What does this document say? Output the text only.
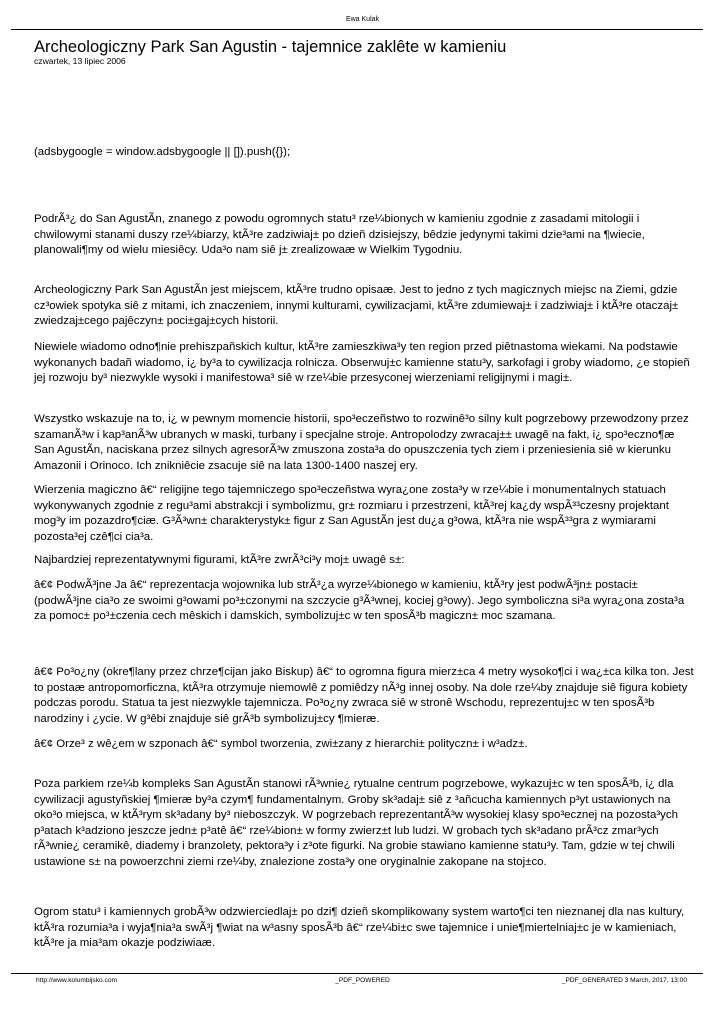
Ewa Kulak
Archeologiczny Park San Agustin - tajemnice zaklête w kamieniu
czwartek, 13 lipiec 2006

(adsbygoogle = window.adsbygoogle || []).push({});

PodrÃ³¿ do San AgustÃn, znanego z powodu ogromnych statu³ rze¼bionych w kamieniu zgodnie z zasadami mitologii i chwilowymi stanami duszy rze¼biarzy, ktÃ³re zadziwiaj± po dzieñ dzisiejszy, bêdzie jedynymi takimi dzie³ami na ¶wiecie, planowali¶my od wielu miesiêcy. Uda³o nam siê j± zrealizowaæ w Wielkim Tygodniu.

Archeologiczny Park San AgustÃn jest miejscem, ktÃ³re trudno opisaæ. Jest to jedno z tych magicznych miejsc na Ziemi, gdzie cz³owiek spotyka siê z mitami, ich znaczeniem, innymi kulturami, cywilizacjami, ktÃ³re zdumiewaj± i zadziwiaj± i ktÃ³re otaczaj± zwiedzaj±cego pajêczyn± poci±gaj±cych historii.

Niewiele wiadomo odno¶nie prehiszpañskich kultur, ktÃ³re zamieszkiwa³y ten region przed piêtnastoma wiekami. Na podstawie wykonanych badañ wiadomo, i¿ by³a to cywilizacja rolnicza. Obserwuj±c kamienne statu³y, sarkofagi i groby wiadomo, ¿e stopieñ jej rozwoju by³ niezwykle wysoki i manifestowa³ siê w rze¼bie przesyconej wierzeniami religijnymi i magi±.

Wszystko wskazuje na to, i¿ w pewnym momencie historii, spo³eczeñstwo to rozwinê³o silny kult pogrzebowy przewodzony przez szamanÃ³w i kap³anÃ³w ubranych w maski, turbany i specjalne stroje. Antropolodzy zwracaj±± uwagê na fakt, i¿ spo³eczno¶æ San AgustÃn, naciskana przez silnych agresorÃ³w zmuszona zosta³a do opuszczenia tych ziem i przeniesienia siê w kierunku Amazonii i Orinoco. Ich znikniêcie zsacuje siê na lata 1300-1400 naszej ery.

Wierzenia magiczno â€“ religijne tego tajemniczego spo³eczeñstwa wyra¿one zosta³y w rze¼bie i monumentalnych statuach wykonywanych zgodnie z regu³ami abstrakcji i symbolizmu, gr± rozmiaru i przestrzeni, ktÃ³rej ka¿dy wspÃ³³czesny projektant mog³y im pozazdro¶ciæ. G³Ã³wn± charakterystyk± figur z San AgustÃn jest du¿a g³owa, ktÃ³ra nie wspÃ³³gra z wymiarami pozosta³ej czê¶ci cia³a.

Najbardziej reprezentatywnymi figurami, ktÃ³re zwrÃ³ci³y moj± uwagê s±:

â€¢ PodwÃ³jne Ja â€“ reprezentacja wojownika lub strÃ³¿a wyrze¼bionego w kamieniu, ktÃ³ry jest podwÃ³jn± postaci± (podwÃ³jne cia³o ze swoimi g³owami po³±czonymi na szczycie g³Ã³wnej, kociej g³owy). Jego symboliczna si³a wyra¿ona zosta³a za pomoc± po³±czenia cech mêskich i damskich, symbolizuj±c w ten sposÃ³b magiczn± moc szamana.

â€¢ Po³o¿ny (okre¶lany przez chrze¶cijan jako Biskup) â€“ to ogromna figura mierz±ca 4 metry wysoko¶ci i wa¿±ca kilka ton. Jest to postaæ antropomorficzna, ktÃ³ra otrzymuje niemowlê z pomiêdzy nÃ³g innej osoby. Na dole rze¼by znajduje siê figura kobiety podczas porodu. Statua ta jest niezwykle tajemnicza. Po³o¿ny zwraca siê w stronê Wschodu, reprezentuj±c w ten sposÃ³b narodziny i ¿ycie. W g³êbi znajduje siê grÃ³b symbolizuj±cy ¶mieræ.

â€¢ Orze³ z wê¿em w szponach â€“ symbol tworzenia, zwi±zany z hierarchi± polityczn± i w³adz±.

Poza parkiem rze¼b kompleks San AgustÃn stanowi rÃ³wnie¿ rytualne centrum pogrzebowe, wykazuj±c w ten sposÃ³b, i¿ dla cywilizacji agustyñskiej ¶mieræ by³a czym¶ fundamentalnym. Groby sk³adaj± siê z ³añcucha kamiennych p³yt ustawionych na oko³o miejsca, w ktÃ³rym sk³adany by³ nieboszczyk. W pogrzebach reprezentantÃ³w wysokiej klasy spo³ecznej na pozosta³ych p³atach k³adziono jeszcze jedn± p³atê â€“ rze¼bion± w formy zwierz±t lub ludzi. W grobach tych sk³adano prÃ³cz zmar³ych rÃ³wnie¿ ceramikê, diademy i branzolety, pektora³y i z³ote figurki. Na grobie stawiano kamienne statu³y. Tam, gdzie w tej chwili ustawione s± na powoerzchni ziemi rze¼by, znalezione zosta³y one oryginalnie zakopane na stoj±co.

Ogrom statu³ i kamiennych grobÃ³w odzwierciedlaj± po dzi¶ dzieñ skomplikowany system warto¶ci ten nieznanej dla nas kultury, ktÃ³ra rozumia³a i wyja¶nia³a swÃ³j ¶wiat na w³asny sposÃ³b â€“ rze¼bi±c swe tajemnice i unie¶miertelniaj±c je w kamieniach, ktÃ³re ja mia³am okazje podziwiaæ.

http://www.kolumbijsko.com	_PDF_POWERED	_PDF_GENERATED 3 March, 2017, 13:00
